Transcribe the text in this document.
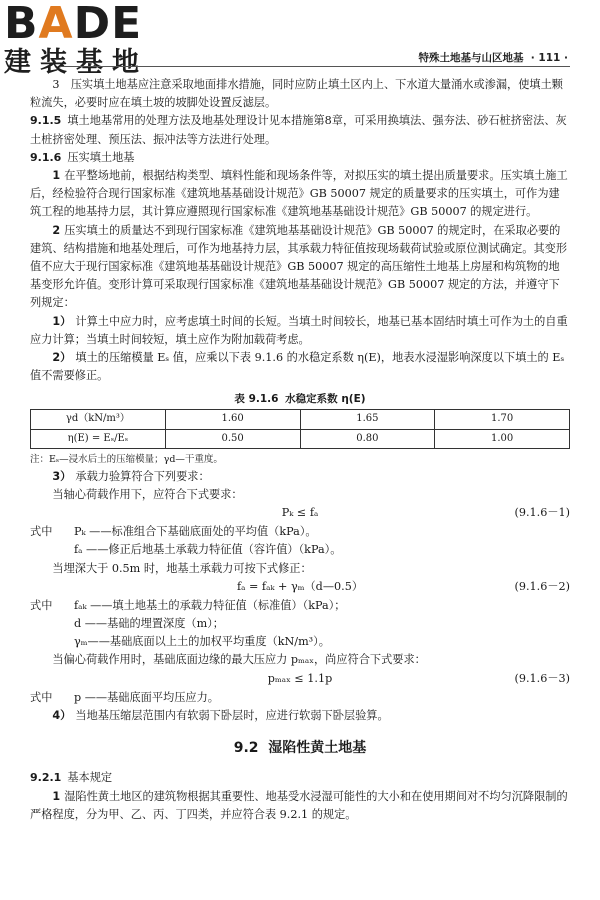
BADE
建装基地	特殊土地基与山区地基 · 111 ·

3　压实填土地基应注意采取地面排水措施，同时应防止填土区内上、下水道大量涌水或渗漏，使填土颗粒流失，必要时应在填土坡的坡脚处设置反滤层。

9.1.5 填土地基常用的处理方法及地基处理设计见本措施第8章，可采用换填法、强夯法、砂石桩挤密法、灰土桩挤密处理、预压法、振冲法等方法进行处理。

9.1.6 压实填土地基

1 在平整场地前，根据结构类型、填料性能和现场条件等，对拟压实的填土提出质量要求。压实填土施工后，经检验符合现行国家标准《建筑地基基础设计规范》GB 50007 规定的质量要求的压实填土，可作为建筑工程的地基持力层，其计算应遵照现行国家标准《建筑地基基础设计规范》GB 50007 的规定进行。

2 压实填土的质量达不到现行国家标准《建筑地基基础设计规范》GB 50007 的规定时，在采取必要的建筑、结构措施和地基处理后，可作为地基持力层，其承载力特征值按现场载荷试验或原位测试确定。其变形值不应大于现行国家标准《建筑地基基础设计规范》GB 50007 规定的高压缩性土地基上房屋和构筑物的地基变形允许值。变形计算可采取现行国家标准《建筑地基基础设计规范》GB 50007 规定的方法，并遵守下列规定：

1） 计算土中应力时，应考虑填土时间的长短。当填土时间较长，地基已基本固结时填土可作为土的自重应力计算；当填土时间较短，填土应作为附加载荷考虑。

2） 填土的压缩模量 Eₛ 值，应乘以下表 9.1.6 的水稳定系数 η(E)，地表水浸湿影响深度以下填土的 Eₛ 值不需要修正。

表 9.1.6 水稳定系数 η(E)
γd（kN/m³）	1.60	1.65	1.70
η(E) = Eₛ/Eₛ	0.50	0.80	1.00

注：Eₛ—浸水后土的压缩模量；γd—干重度。

3） 承载力验算符合下列要求：

当轴心荷载作用下，应符合下式要求：

Pₖ ≤ fₐ	(9.1.6－1)

式中 Pₖ ——标准组合下基础底面处的平均值（kPa）。

fₐ ——修正后地基土承载力特征值（容许值）（kPa）。

当埋深大于 0.5m 时，地基土承载力可按下式修正：

fₐ = fₐₖ + γₘ（d—0.5）	(9.1.6－2)

式中 fₐₖ ——填土地基土的承载力特征值（标准值）（kPa）；

d ——基础的埋置深度（m）；

γₘ——基础底面以上土的加权平均重度（kN/m³）。

当偏心荷载作用时，基础底面边缘的最大压应力 pₘₐₓ，尚应符合下式要求：

pₘₐₓ ≤ 1.1p	(9.1.6－3)

式中 p ——基础底面平均压应力。

4） 当地基压缩层范围内有软弱下卧层时，应进行软弱下卧层验算。

9.2 湿陷性黄土地基

9.2.1 基本规定

1 湿陷性黄土地区的建筑物根据其重要性、地基受水浸湿可能性的大小和在使用期间对不均匀沉降限制的严格程度，分为甲、乙、丙、丁四类，并应符合表 9.2.1 的规定。
